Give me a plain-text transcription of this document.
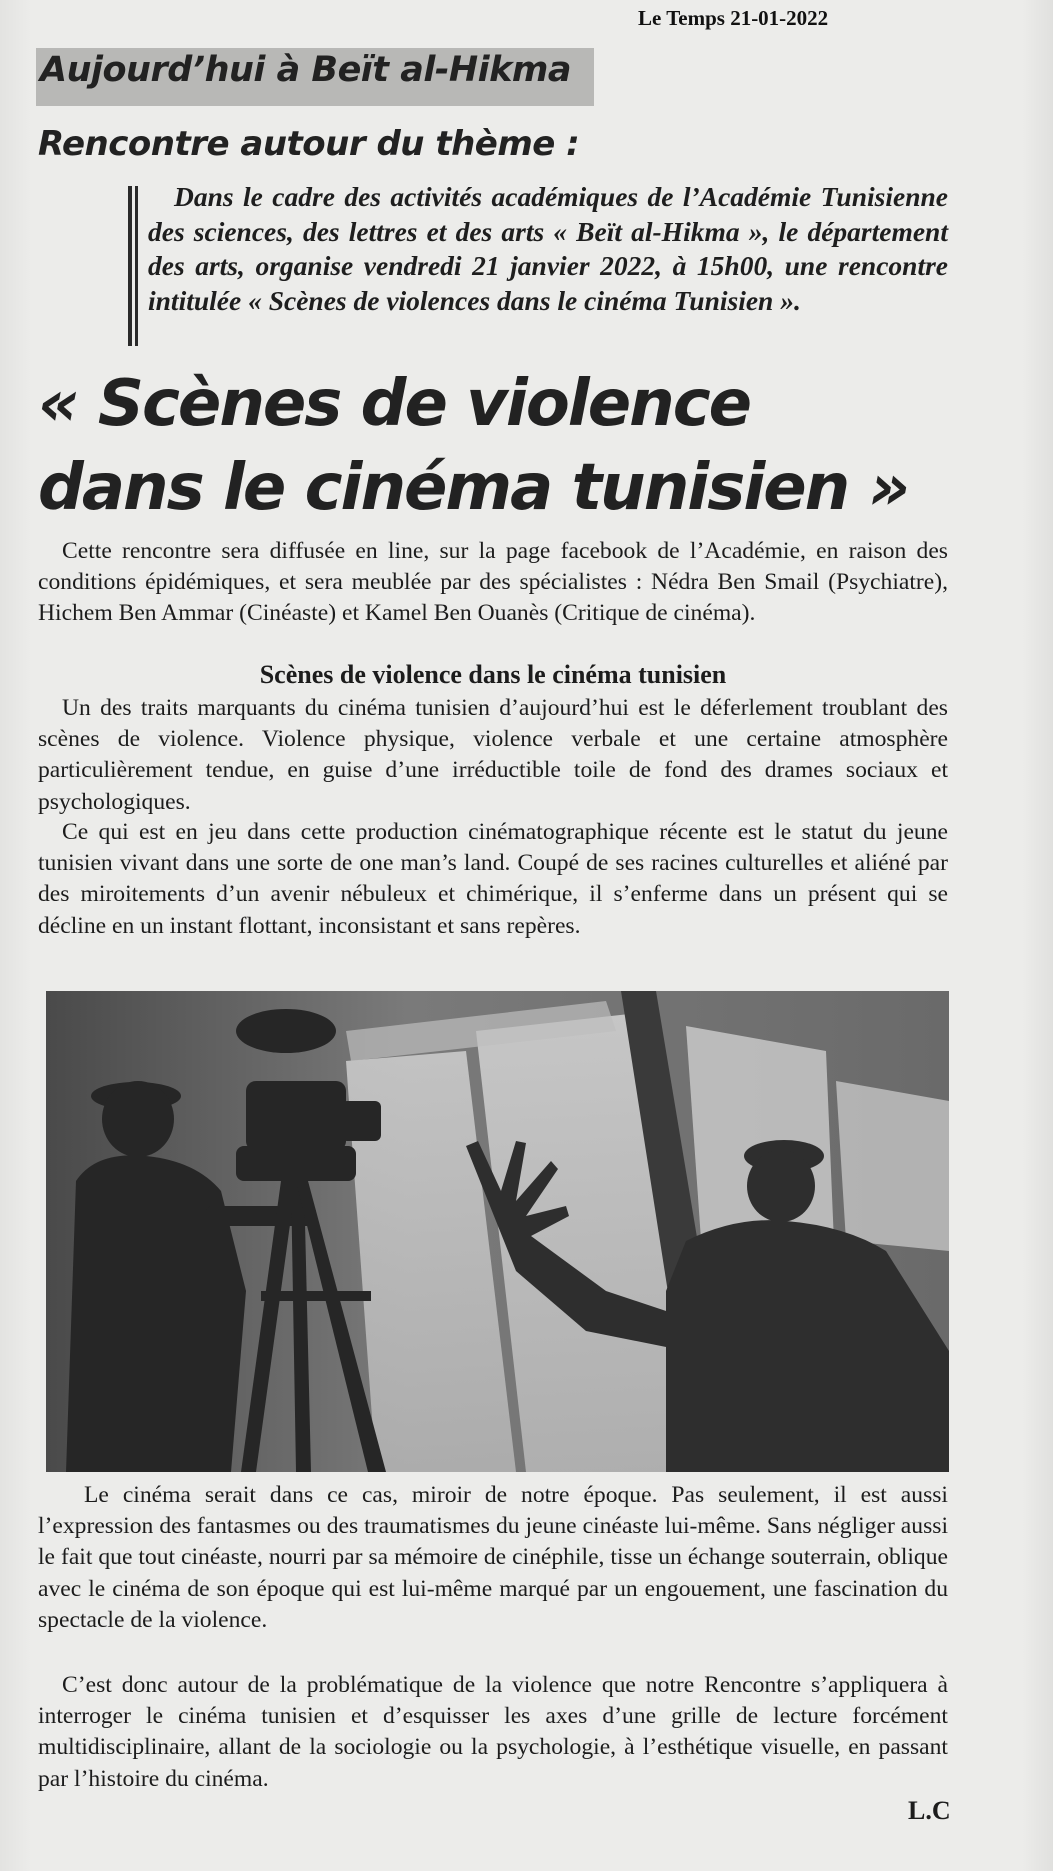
Le Temps 21-01-2022
Aujourd’hui à Beït al-Hikma
Rencontre autour du thème :
Dans le cadre des activités académiques de l’Académie Tunisienne des sciences, des lettres et des arts « Beït al-Hikma », le département des arts, organise vendredi 21 janvier 2022, à 15h00, une rencontre intitulée « Scènes de violences dans le cinéma Tunisien ».
« Scènes de violence
dans le cinéma tunisien »

Cette rencontre sera diffusée en line, sur la page facebook de l’Académie, en raison des conditions épidémiques, et sera meublée par des spécialistes : Nédra Ben Smail (Psychiatre), Hichem Ben Ammar (Cinéaste) et Kamel Ben Ouanès (Critique de cinéma).

Scènes de violence dans le cinéma tunisien

Un des traits marquants du cinéma tunisien d’aujourd’hui est le déferlement troublant des scènes de violence. Violence physique, violence verbale et une certaine atmosphère particulièrement tendue, en guise d’une irréductible toile de fond des drames sociaux et psychologiques.

Ce qui est en jeu dans cette production cinématographique récente est le statut du jeune tunisien vivant dans une sorte de one man’s land. Coupé de ses racines culturelles et aliéné par des miroitements d’un avenir nébuleux et chimérique, il s’enferme dans un présent qui se décline en un instant flottant, inconsistant et sans repères.

Le cinéma serait dans ce cas, miroir de notre époque. Pas seulement, il est aussi l’expression des fantasmes ou des traumatismes du jeune cinéaste lui-même. Sans négliger aussi le fait que tout cinéaste, nourri par sa mémoire de cinéphile, tisse un échange souterrain, oblique avec le cinéma de son époque qui est lui-même marqué par un engouement, une fascination du spectacle de la violence.

C’est donc autour de la problématique de la violence que notre Rencontre s’appliquera à interroger le cinéma tunisien et d’esquisser les axes d’une grille de lecture forcément multidisciplinaire, allant de la sociologie ou la psychologie, à l’esthétique visuelle, en passant par l’histoire du cinéma.

L.C
